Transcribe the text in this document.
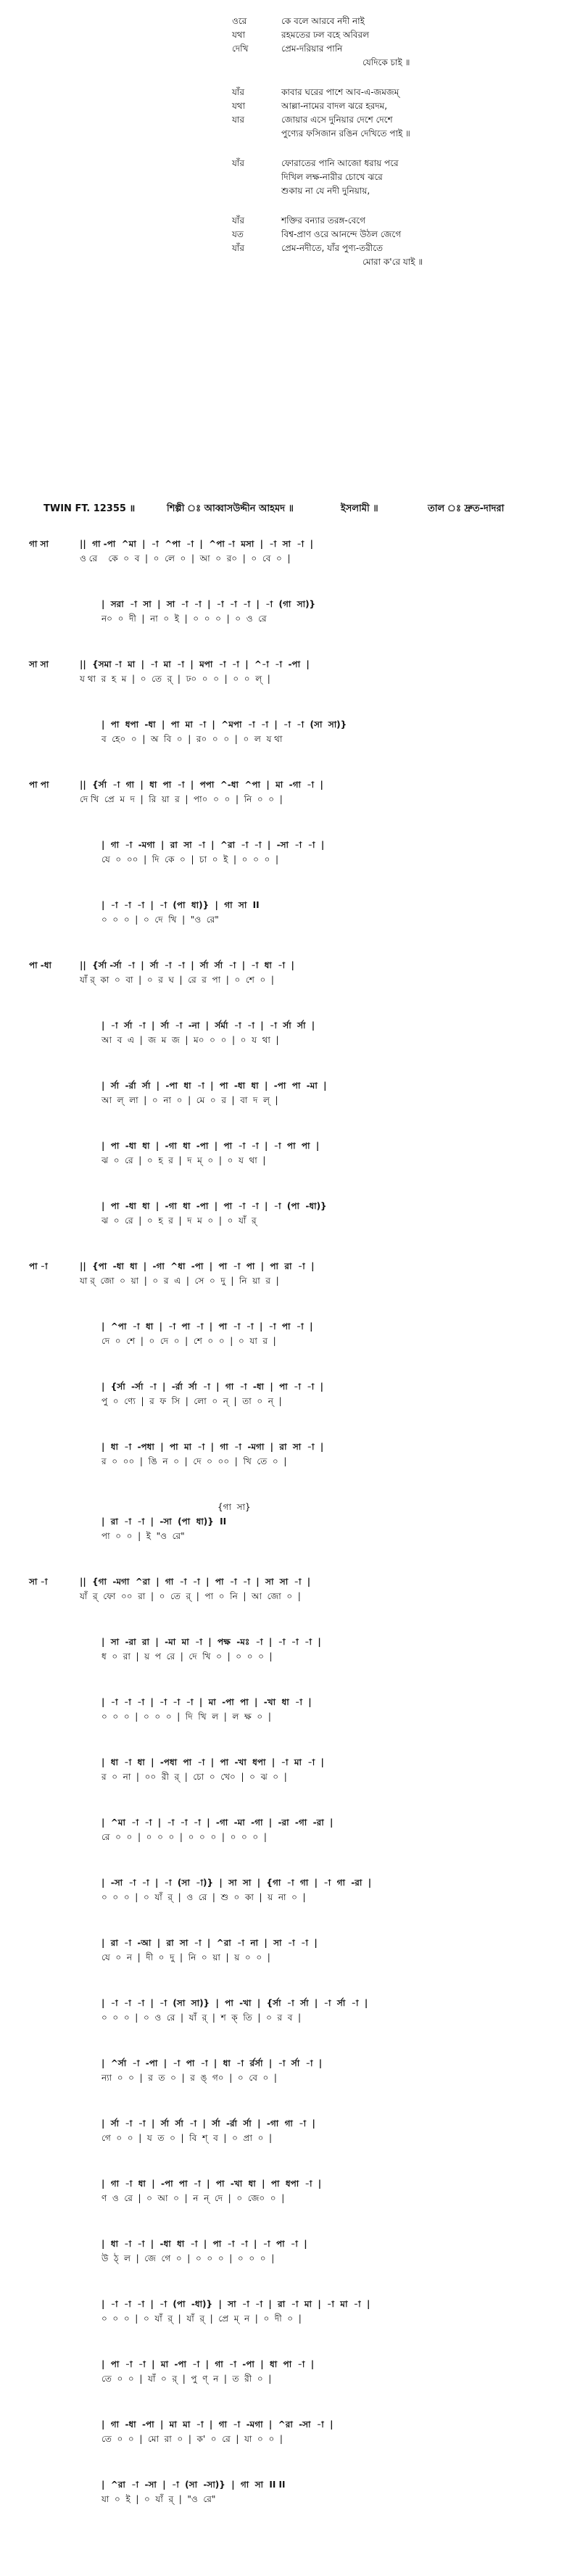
ওরে	কে বলে আরবে নদী নাই
যথা	রহমতের ঢল বহে অবিরল
দেখি	প্রেম-দরিয়ার পানি
যেদিকে চাই ॥
যাঁর	কাবার ঘরের পাশে আব-এ-জমজম্‌
যথা	আল্লা-নামের বাদল ঝরে হরদম,
যার	জোয়ার এসে দুনিয়ার দেশে দেশে
পুণ্যের ফসিজান রঙিন দেখিতে পাই ॥
যাঁর	ফোরাতের পানি আজো ধরায় পরে
দিখিল লক্ষ-নারীর চোখে ঝরে
শুকায় না যে নদী দুনিয়ায়,
যাঁর	শক্তির বন্যার তরঙ্গ-বেগে
যত	বিশ্ব-প্রাণ ওরে আনন্দে উঠল জেগে
যাঁর	প্রেম-নদীতে, যাঁর পুণ্য-তরীতে
মোরা ক'রে যাই ॥
TWIN FT. 12355 ॥	শিল্পী ঃ আব্বাসউদ্দীন আহমদ ॥	ইসলামী ॥	তাল ঃ দ্রুত-দাদরা
গা সা	||  গা -পা  ^মা  |  -া  ^পা  -া  |  ^পা -া  মসা  |  -া  সা  -া  |
ও রে    কে  ০  ব  |  ০  লে  ০  |  আ  ০  র০  |  ০  বে  ০  |
|  সরা  -া  সা  |  সা  -া  -া  |  -া  -া  -া  |  -া  (গা  সা)}
ন০  ০  দী  |  না  ০  ই  |  ০  ০  ০  |  ০  ও  রে
সা সা	||  {সমা -া  মা  |  -া  মা  -া  |  মপা  -া  -া  |  ^-া  -া  -পা  |
য থা  র  হ  ম  |  ০  তে  র্‌  |  ঢ০  ০  ০  |  ০  ০  ল্‌  |
|  পা  ধপা  -ধা  |  পা  মা  -া  |  ^মপা  -া  -া  |  -া  -া  (সা  সা)}
ব  হে০  ০  |  অ  বি  ০  |  র০  ০  ০  |  ০  ল  য থা
পা পা	||  {র্সা  -া  গা  |  ধা  পা  -া  |  পপা  ^-ধা  ^পা  |  মা  -গা  -া  |
দে খি  প্রে  ম  দ  |  রি  য়া  র  |  পা০  ০  ০  |  নি  ০  ০  |
|  গা  -া  -মগা  |  রা  সা  -া  |  ^রা  -া  -া  |  -সা  -া  -া  |
যে  ০  ০০  |  দি  কে  ০  |  চা  ০  ই  |  ০  ০  ০  |
|  -া  -া  -া  |  -া  (পা  ধা)}  |  গা  সা  II
০  ০  ০  |  ০  দে  খি  |  "ও  রে"
পা -ধা	||  {র্সা -র্সা  -া  |  র্সা  -া  -া  |  র্সা  র্সা  -া  |  -া  ধা  -া  |
যাঁ র্‌  কা  ০  বা  |  ০  র  ঘ  |  রে  র  পা  |  ০  শে  ০  |
|  -া  র্সা  -া  |  র্সা  -া  -না  |  র্সর্মা  -া  -া  |  -া  র্সা  র্সা  |
আ  ব  এ  |  জ  ম  জ  |  ম০  ০  ০  |  ০  য  থা  |
|  র্সা  -র্রা  র্সা  |  -পা  ধা  -া  |  পা  -ধা  ধা  |  -পা  পা  -মা  |
আ  ল্‌  লা  |  ০  না  ০  |  মে  ০  র  |  বা  দ  ল্‌  |
|  পা  -ধা  ধা  |  -গা  ধা  -পা  |  পা  -া  -া  |  -া  পা  পা  |
ঝ  ০  রে  |  ০  হ  র  |  দ  ম্‌  ০  |  ০  য  থা  |
|  পা  -ধা  ধা  |  -গা  ধা  -পা  |  পা  -া  -া  |  -া  (পা  -ধা)}
ঝ  ০  রে  |  ০  হ  র  |  দ  ম  ০  |  ০  যাঁ  র্‌
পা -া	||  {পা  -ধা  ধা  |  -গা  ^ধা  -পা  |  পা  -া  পা  |  পা  রা  -া  |
যা র্‌  জো  ০  য়া  |  ০  র  এ  |  সে  ০  দু  |  নি  য়া  র  |
|  ^পা  -া  ধা  |  -া  পা  -া  |  পা  -া  -া  |  -া  পা  -া  |
দে  ০  শে  |  ০  দে  ০  |  শে  ০  ০  |  ০  যা  র  |
|  {র্সা  -র্সা  -া  |  -র্রা  র্সা  -া  |  গা  -া  -ধা  |  পা  -া  -া  |
পু  ০  ণ্যে  |  র  ফ  সি  |  লো  ০  ন্‌  |  তা  ০  ন্‌  |
|  ধা  -া  -পধা  |  পা  মা  -া  |  গা  -া  -মগা  |  রা  সা  -া  |
র  ০  ০০  |  ঙি  ন  ০  |  দে  ০  ০০  |  খি  তে  ০  |
{গা  সা}
|  রা  -া  -া  |  -সা  (পা  ধা)}  II
পা  ০  ০  |  ই  "ও  রে"
সা -া	||  {গা  -মগা  ^রা  |  গা  -া  -া  |  পা  -া  -া  |  সা  সা  -া  |
যাঁ  র্‌  ফো  ০০  রা  |  ০  তে  র্‌  |  পা  ০  নি  |  আ  জো  ০  |
|  সা  -রা  রা  |  -মা  মা  -া  |  পক্ষ  -মঃ  -া  |  -া  -া  -া  |
ধ  ০  রা  |  য়  প  রে  |  দে  খি  ০  |  ০  ০  ০  |
|  -া  -া  -া  |  -া  -া  -া  |  মা  -পা  পা  |  -খা  ধা  -া  |
০  ০  ০  |  ০  ০  ০  |  দি  খি  ল  |  ল  ক্ষ  ০  |
|  ধা  -া  ধা  |  -পধা  পা  -া  |  পা  -খা  ধপা  |  -া  মা  -া  |
র  ০  না  |  ০০  রী  র্‌  |  চো  ০  খে০  |  ০  ঝ  ০  |
|  ^মা  -া  -া  |  -া  -া  -া  |  -গা  -মা  -গা  |  -রা  -গা  -রা  |
রে  ০  ০  |  ০  ০  ০  |  ০  ০  ০  |  ০  ০  ০  |
|  -সা  -া  -া  |  -া  (সা  -া)}  |  সা  সা  |  {গা  -া  গা  |  -া  গা  -রা  |
০  ০  ০  |  ০  যাঁ  র্‌  |  ও  রে  |  শু  ০  কা  |  য়  না  ০  |
|  রা  -া  -আ  |  রা  সা  -া  |  ^রা  -া  না  |  সা  -া  -া  |
যে  ০  ন  |  দী  ০  দু  |  নি  ০  য়া  |  য়  ০  ০  |
|  -া  -া  -া  |  -া  (সা  সা)}  |  পা  -খা  |  {র্সা  -া  র্সা  |  -া  র্সা  -া  |
০  ০  ০  |  ০  ও  রে  |  যাঁ  র্‌  |  শ  ক্‌  তি  |  ০  র  ব  |
|  ^র্সা  -া  -পা  |  -া  পা  -া  |  ধা  -া  র্রর্সা  |  -া  র্সা  -া  |
ন্যা  ০  ০  |  র  ত  ০  |  র  ঙ্‌  গ০  |  ০  বে  ০  |
|  র্সা  -া  -া  |  র্সা  র্সা  -া  |  র্সা  -র্রা  র্সা  |  -গা  গা  -া  |
গে  ০  ০  |  য  ত  ০  |  বি  শ্‌  ব  |  ০  প্রা  ০  |
|  গা  -া  ধা  |  -পা  পা  -া  |  পা  -খা  ধা  |  পা  ধপা  -া  |
ণ  ও  রে  |  ০  আ  ০  |  ন  ন্‌  দে  |  ০  জে০  ০  |
|  ধা  -া  -া  |  -ধা  ধা  -া  |  পা  -া  -া  |  -া  পা  -া  |
উ  ঠ্‌  ল  |  জে  গে  ০  |  ০  ০  ০  |  ০  ০  ০  |
|  -া  -া  -া  |  -া  (পা  -ধা)}  |  সা  -া  -া  |  রা  -া  মা  |  -া  মা  -া  |
০  ০  ০  |  ০  যাঁ  র্‌  |  যাঁ  র্‌  |  প্রে  ম্‌  ন  |  ০  দী  ০  |
|  পা  -া  -া  |  মা  -পা  -া  |  গা  -া  -পা  |  ধা  পা  -া  |
তে  ০  ০  |  যাঁ  ০  র্‌  |  পু  ণ্‌  ন  |  ত  রী  ০  |
|  গা  -ধা  -পা  |  মা  মা  -া  |  গা  -া  -মগা  |  ^রা  -সা  -া  |
তে  ০  ০  |  মো  রা  ০  |  ক'  ০  রে  |  যা  ০  ০  |
|  ^রা  -া  -সা  |  -া  (সা  -সা)}  |  গা  সা  II II
যা  ০  ই  |  ০  যাঁ  র্‌  |  "ও  রে"
